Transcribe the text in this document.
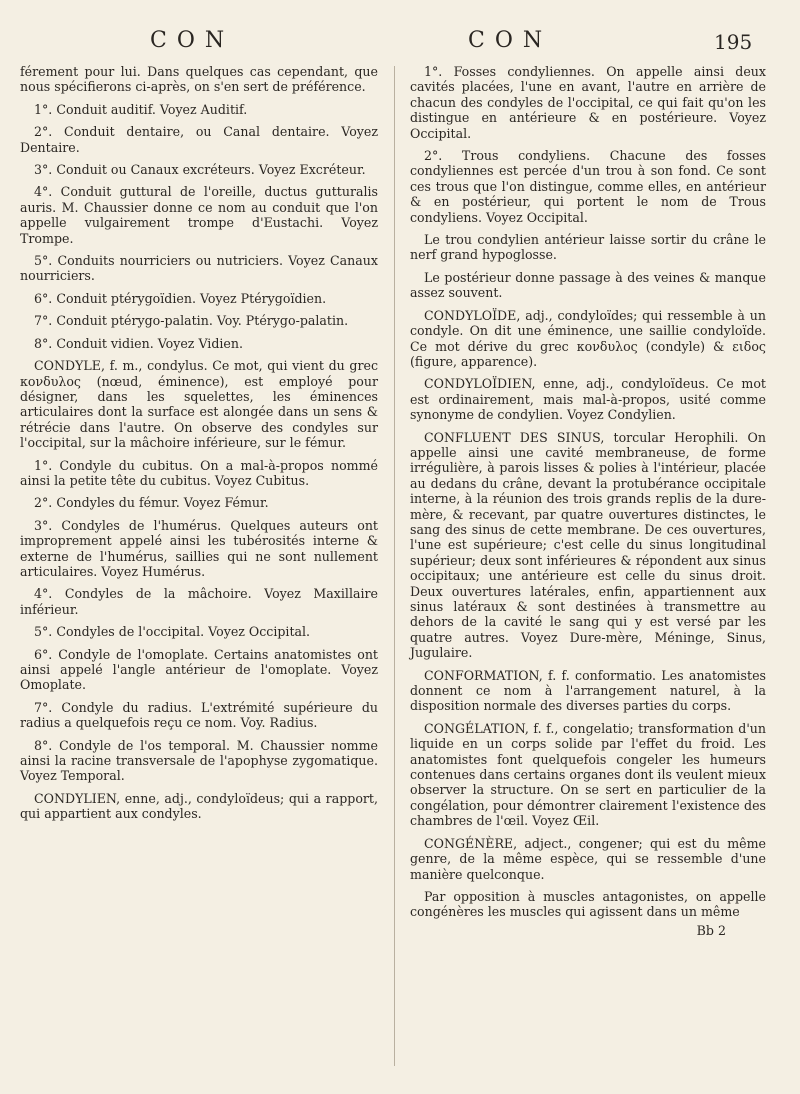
CON	CON	195

férement pour lui. Dans quelques cas cependant, que nous spécifierons ci-après, on s'en sert de préférence.

1°. Conduit auditif. Voyez Auditif.

2°. Conduit dentaire, ou Canal dentaire. Voyez Dentaire.

3°. Conduit ou Canaux excréteurs. Voyez Excréteur.

4°. Conduit guttural de l'oreille, ductus gutturalis auris. M. Chaussier donne ce nom au conduit que l'on appelle vulgairement trompe d'Eustachi. Voyez Trompe.

5°. Conduits nourriciers ou nutriciers. Voyez Canaux nourriciers.

6°. Conduit ptérygoïdien. Voyez Ptérygoïdien.

7°. Conduit ptérygo-palatin. Voy. Ptérygo-palatin.

8°. Conduit vidien. Voyez Vidien.

CONDYLE, f. m., condylus. Ce mot, qui vient du grec κονδυλος (nœud, éminence), est employé pour désigner, dans les squelettes, les éminences articulaires dont la surface est alongée dans un sens & rétrécie dans l'autre. On observe des condyles sur l'occipital, sur la mâchoire inférieure, sur le fémur.

1°. Condyle du cubitus. On a mal-à-propos nommé ainsi la petite tête du cubitus. Voyez Cubitus.

2°. Condyles du fémur. Voyez Fémur.

3°. Condyles de l'humérus. Quelques auteurs ont improprement appelé ainsi les tubérosités interne & externe de l'humérus, saillies qui ne sont nullement articulaires. Voyez Humérus.

4°. Condyles de la mâchoire. Voyez Maxillaire inférieur.

5°. Condyles de l'occipital. Voyez Occipital.

6°. Condyle de l'omoplate. Certains anatomistes ont ainsi appelé l'angle antérieur de l'omoplate. Voyez Omoplate.

7°. Condyle du radius. L'extrémité supérieure du radius a quelquefois reçu ce nom. Voy. Radius.

8°. Condyle de l'os temporal. M. Chaussier nomme ainsi la racine transversale de l'apophyse zygomatique. Voyez Temporal.

CONDYLIEN, enne, adj., condyloïdeus; qui a rapport, qui appartient aux condyles.

1°. Fosses condyliennes. On appelle ainsi deux cavités placées, l'une en avant, l'autre en arrière de chacun des condyles de l'occipital, ce qui fait qu'on les distingue en antérieure & en postérieure. Voyez Occipital.

2°. Trous condyliens. Chacune des fosses condyliennes est percée d'un trou à son fond. Ce sont ces trous que l'on distingue, comme elles, en antérieur & en postérieur, qui portent le nom de Trous condyliens. Voyez Occipital.

Le trou condylien antérieur laisse sortir du crâne le nerf grand hypoglosse.

Le postérieur donne passage à des veines & manque assez souvent.

CONDYLOÏDE, adj., condyloïdes; qui ressemble à un condyle. On dit une éminence, une saillie condyloïde. Ce mot dérive du grec κονδυλος (condyle) & ειδος (figure, apparence).

CONDYLOÏDIEN, enne, adj., condyloïdeus. Ce mot est ordinairement, mais mal-à-propos, usité comme synonyme de condylien. Voyez Condylien.

CONFLUENT DES SINUS, torcular Herophili. On appelle ainsi une cavité membraneuse, de forme irrégulière, à parois lisses & polies à l'intérieur, placée au dedans du crâne, devant la protubérance occipitale interne, à la réunion des trois grands replis de la dure-mère, & recevant, par quatre ouvertures distinctes, le sang des sinus de cette membrane. De ces ouvertures, l'une est supérieure; c'est celle du sinus longitudinal supérieur; deux sont inférieures & répondent aux sinus occipitaux; une antérieure est celle du sinus droit. Deux ouvertures latérales, enfin, appartiennent aux sinus latéraux & sont destinées à transmettre au dehors de la cavité le sang qui y est versé par les quatre autres. Voyez Dure-mère, Méninge, Sinus, Jugulaire.

CONFORMATION, f. f. conformatio. Les anatomistes donnent ce nom à l'arrangement naturel, à la disposition normale des diverses parties du corps.

CONGÉLATION, f. f., congelatio; transformation d'un liquide en un corps solide par l'effet du froid. Les anatomistes font quelquefois congeler les humeurs contenues dans certains organes dont ils veulent mieux observer la structure. On se sert en particulier de la congélation, pour démontrer clairement l'existence des chambres de l'œil. Voyez Œil.

CONGÉNÈRE, adject., congener; qui est du même genre, de la même espèce, qui se ressemble d'une manière quelconque.

Par opposition à muscles antagonistes, on appelle congénères les muscles qui agissent dans un même

Bb 2
